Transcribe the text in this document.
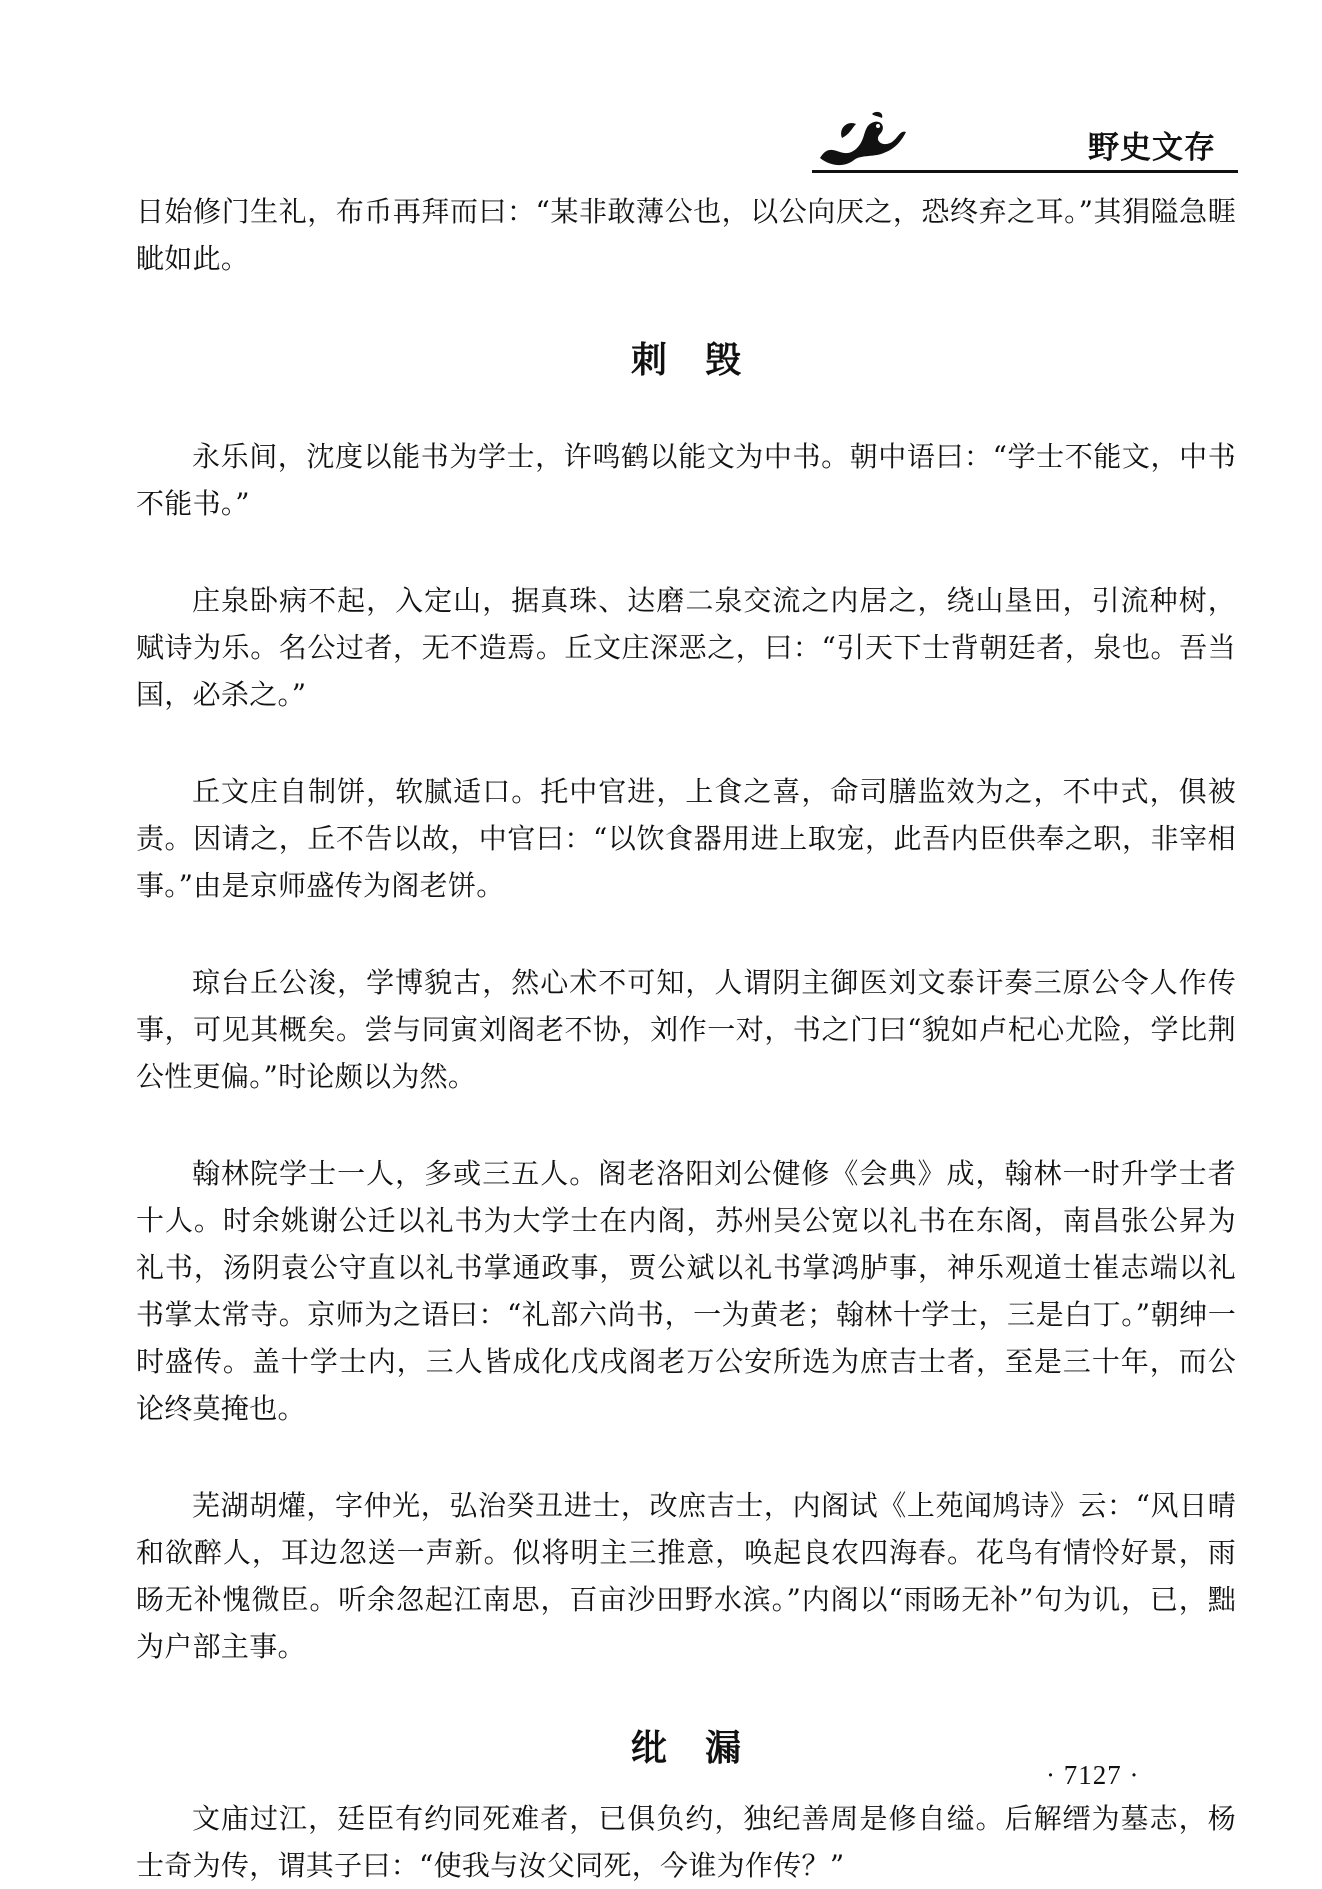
野史文存

日始修门生礼，布币再拜而曰：“某非敢薄公也，以公向厌之，恐终弃之耳。”其狷隘急睚眦如此。

刺毁

永乐间，沈度以能书为学士，许鸣鹤以能文为中书。朝中语曰：“学士不能文，中书不能书。”

庄泉卧病不起，入定山，据真珠、达磨二泉交流之内居之，绕山垦田，引流种树，赋诗为乐。名公过者，无不造焉。丘文庄深恶之，曰：“引天下士背朝廷者，泉也。吾当国，必杀之。”

丘文庄自制饼，软腻适口。托中官进，上食之喜，命司膳监效为之，不中式，俱被责。因请之，丘不告以故，中官曰：“以饮食器用进上取宠，此吾内臣供奉之职，非宰相事。”由是京师盛传为阁老饼。

琼台丘公浚，学博貌古，然心术不可知，人谓阴主御医刘文泰讦奏三原公令人作传事，可见其概矣。尝与同寅刘阁老不协，刘作一对，书之门曰“貌如卢杞心尤险，学比荆公性更偏。”时论颇以为然。

翰林院学士一人，多或三五人。阁老洛阳刘公健修《会典》成，翰林一时升学士者十人。时余姚谢公迁以礼书为大学士在内阁，苏州吴公宽以礼书在东阁，南昌张公昇为礼书，汤阴袁公守直以礼书掌通政事，贾公斌以礼书掌鸿胪事，神乐观道士崔志端以礼书掌太常寺。京师为之语曰：“礼部六尚书，一为黄老；翰林十学士，三是白丁。”朝绅一时盛传。盖十学士内，三人皆成化戊戌阁老万公安所选为庶吉士者，至是三十年，而公论终莫掩也。

芜湖胡爟，字仲光，弘治癸丑进士，改庶吉士，内阁试《上苑闻鸠诗》云：“风日晴和欲醉人，耳边忽送一声新。似将明主三推意，唤起良农四海春。花鸟有情怜好景，雨旸无补愧微臣。听余忽起江南思，百亩沙田野水滨。”内阁以“雨旸无补”句为讥，已，黜为户部主事。

纰漏

文庙过江，廷臣有约同死难者，已俱负约，独纪善周是修自缢。后解缙为墓志，杨士奇为传，谓其子曰：“使我与汝父同死，今谁为作传？”

· 7127 ·
